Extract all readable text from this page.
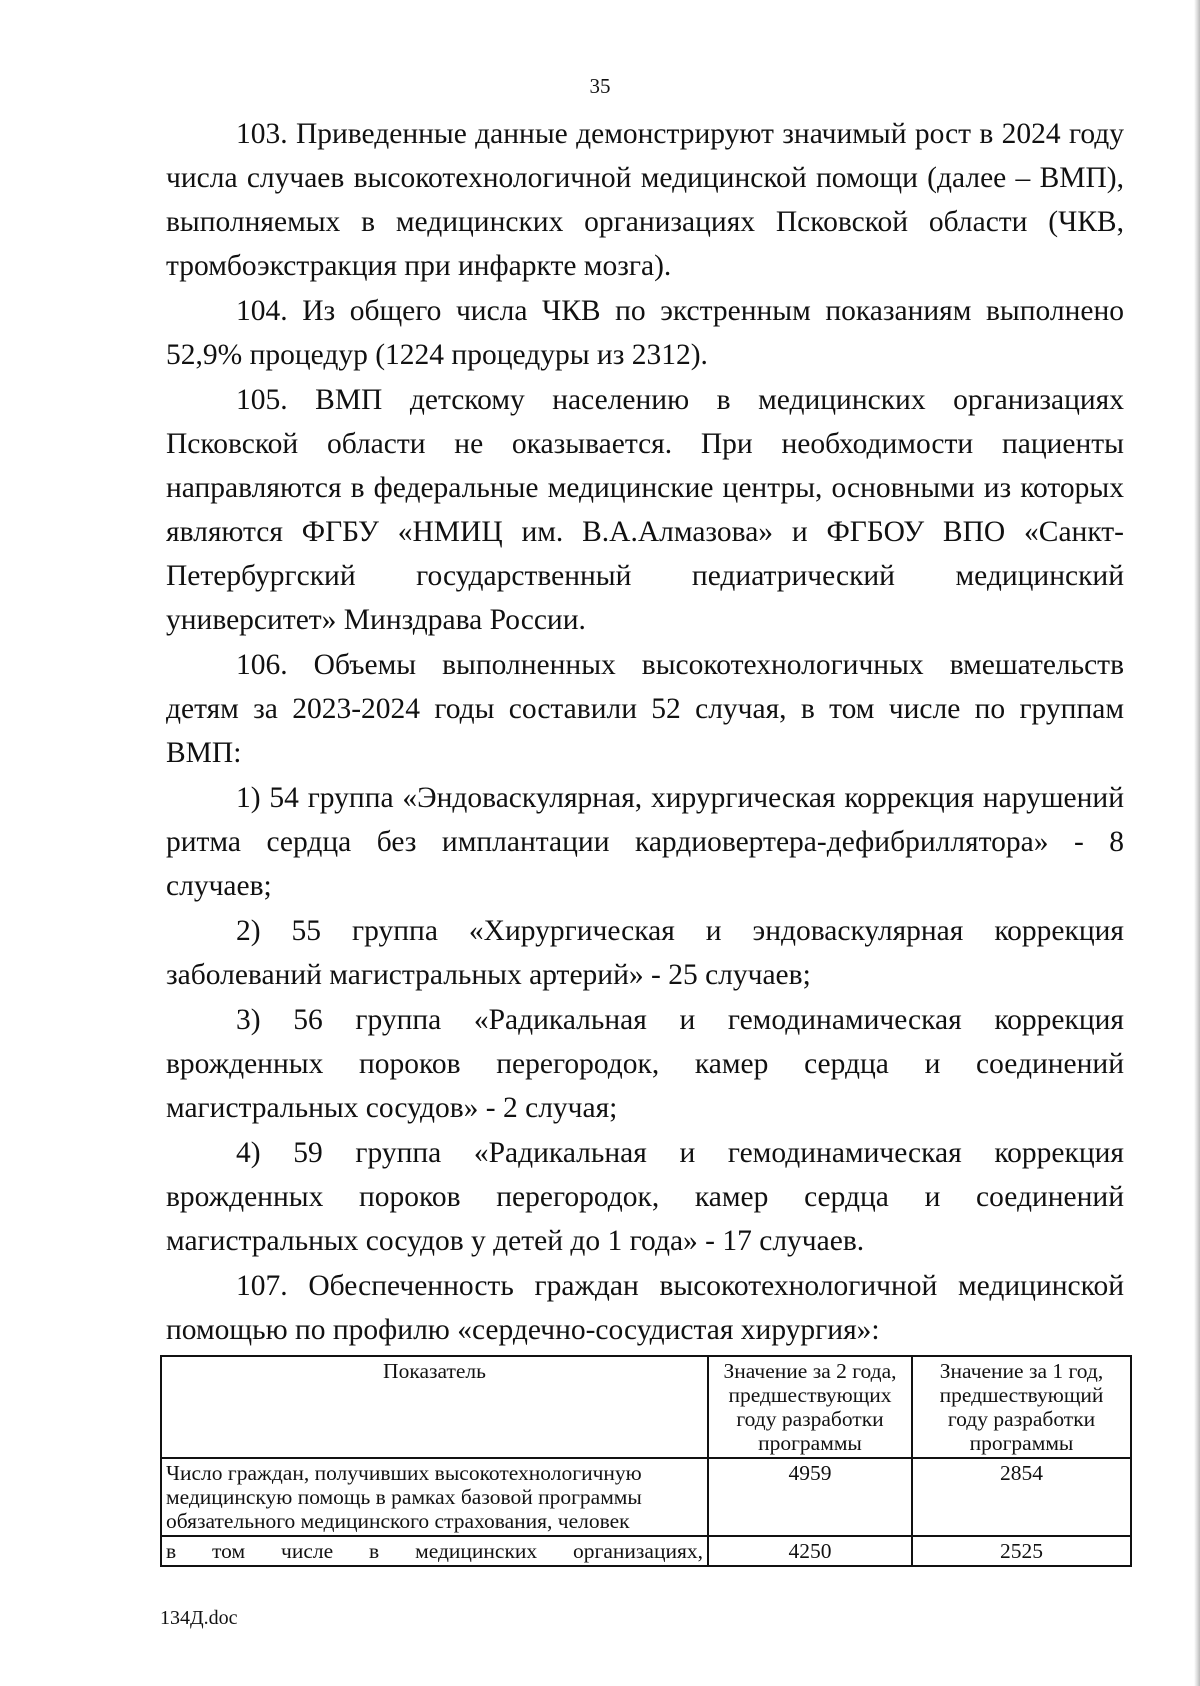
35

103. Приведенные данные демонстрируют значимый рост в 2024 году числа случаев высокотехнологичной медицинской помощи (далее – ВМП), выполняемых в медицинских организациях Псковской области (ЧКВ, тромбоэкстракция при инфаркте мозга).

104. Из общего числа ЧКВ по экстренным показаниям выполнено 52,9% процедур (1224 процедуры из 2312).

105. ВМП детскому населению в медицинских организациях Псковской области не оказывается. При необходимости пациенты направляются в федеральные медицинские центры, основными из которых являются ФГБУ «НМИЦ им. В.А.Алмазова» и ФГБОУ ВПО «Санкт-Петербургский государственный педиатрический медицинский университет» Минздрава России.

106. Объемы выполненных высокотехнологичных вмешательств детям за 2023-2024 годы составили 52 случая, в том числе по группам ВМП:

1) 54 группа «Эндоваскулярная, хирургическая коррекция нарушений ритма сердца без имплантации кардиовертера-дефибриллятора» - 8 случаев;

2) 55 группа «Хирургическая и эндоваскулярная коррекция заболеваний магистральных артерий» - 25 случаев;

3) 56 группа «Радикальная и гемодинамическая коррекция врожденных пороков перегородок, камер сердца и соединений магистральных сосудов» - 2 случая;

4) 59 группа «Радикальная и гемодинамическая коррекция врожденных пороков перегородок, камер сердца и соединений магистральных сосудов у детей до 1 года» - 17 случаев.

107. Обеспеченность граждан высокотехнологичной медицинской помощью по профилю «сердечно-сосудистая хирургия»:

Показатель	Значение за 2 года, предшествующих году разработки программы	Значение за 1 год, предшествующий году разработки программы
Число граждан, получивших высокотехнологичную медицинскую помощь в рамках базовой программы обязательного медицинского страхования, человек	4959	2854
в том числе в медицинских организациях,	4250	2525
134Д.doc
